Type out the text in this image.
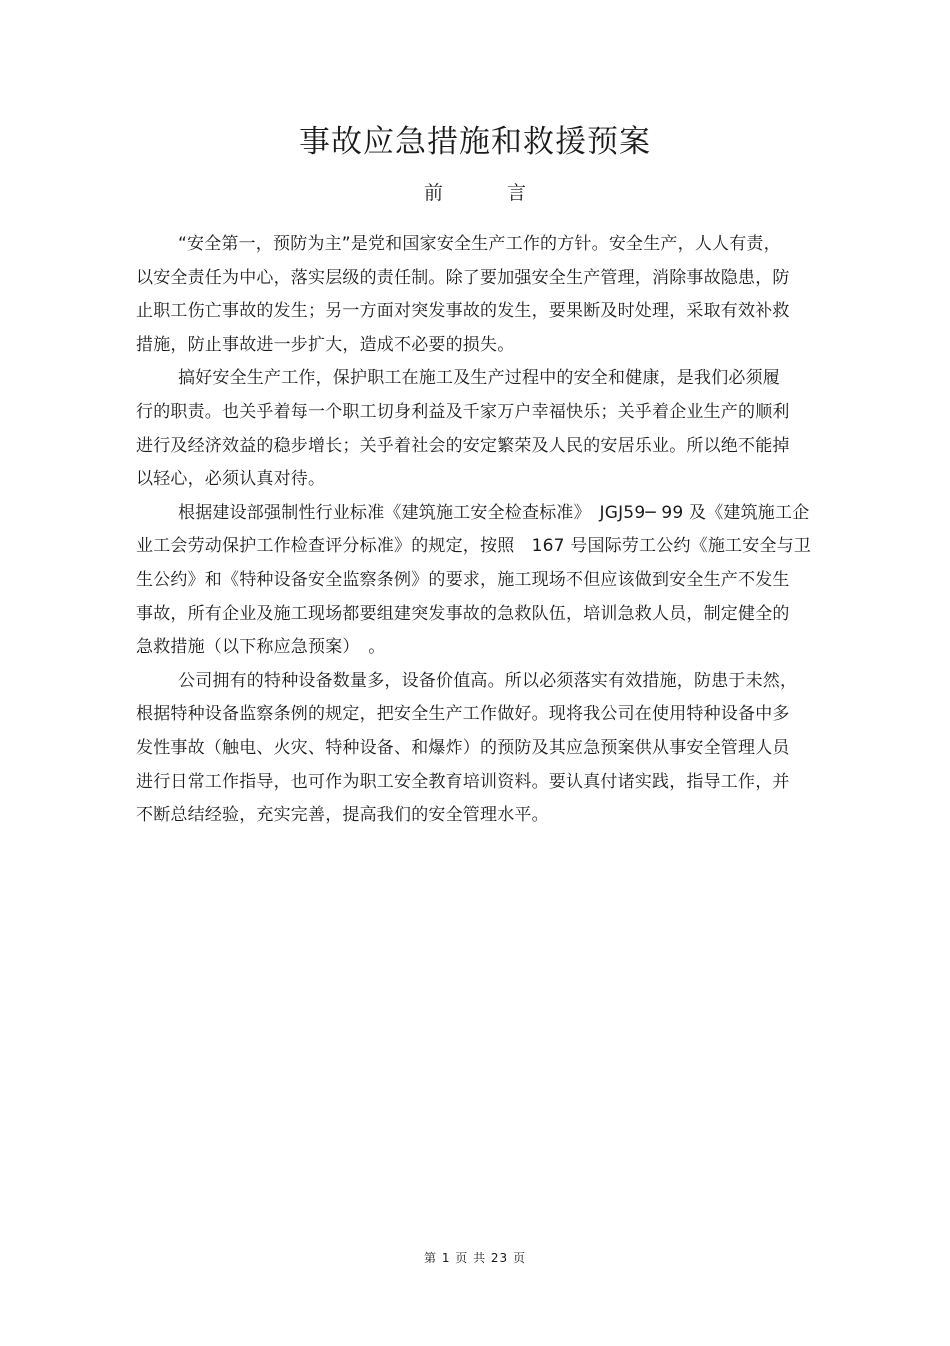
事故应急措施和救援预案
前	言
“安全第一，预防为主”是党和国家安全生产工作的方针。安全生产，人人有责，
以安全责任为中心，落实层级的责任制。除了要加强安全生产管理，消除事故隐患，防
止职工伤亡事故的发生；另一方面对突发事故的发生，要果断及时处理，采取有效补救
措施，防止事故进一步扩大，造成不必要的损失。
搞好安全生产工作，保护职工在施工及生产过程中的安全和健康，是我们必须履
行的职责。也关乎着每一个职工切身利益及千家万户幸福快乐；关乎着企业生产的顺利
进行及经济效益的稳步增长；关乎着社会的安定繁荣及人民的安居乐业。所以绝不能掉
以轻心，必须认真对待。
根据建设部强制性行业标准《建筑施工安全检查标准》　JGJ59─ 99 及《建筑施工企
业工会劳动保护工作检查评分标准》的规定，按照　167 号国际劳工公约《施工安全与卫
生公约》和《特种设备安全监察条例》的要求，施工现场不但应该做到安全生产不发生
事故，所有企业及施工现场都要组建突发事故的急救队伍，培训急救人员，制定健全的
急救措施（以下称应急预案）　。
公司拥有的特种设备数量多，设备价值高。所以必须落实有效措施，防患于未然，
根据特种设备监察条例的规定，把安全生产工作做好。现将我公司在使用特种设备中多
发性事故（触电、火灾、特种设备、和爆炸）的预防及其应急预案供从事安全管理人员
进行日常工作指导，也可作为职工安全教育培训资料。要认真付诸实践，指导工作，并
不断总结经验，充实完善，提高我们的安全管理水平。
第 1 页 共 23 页
